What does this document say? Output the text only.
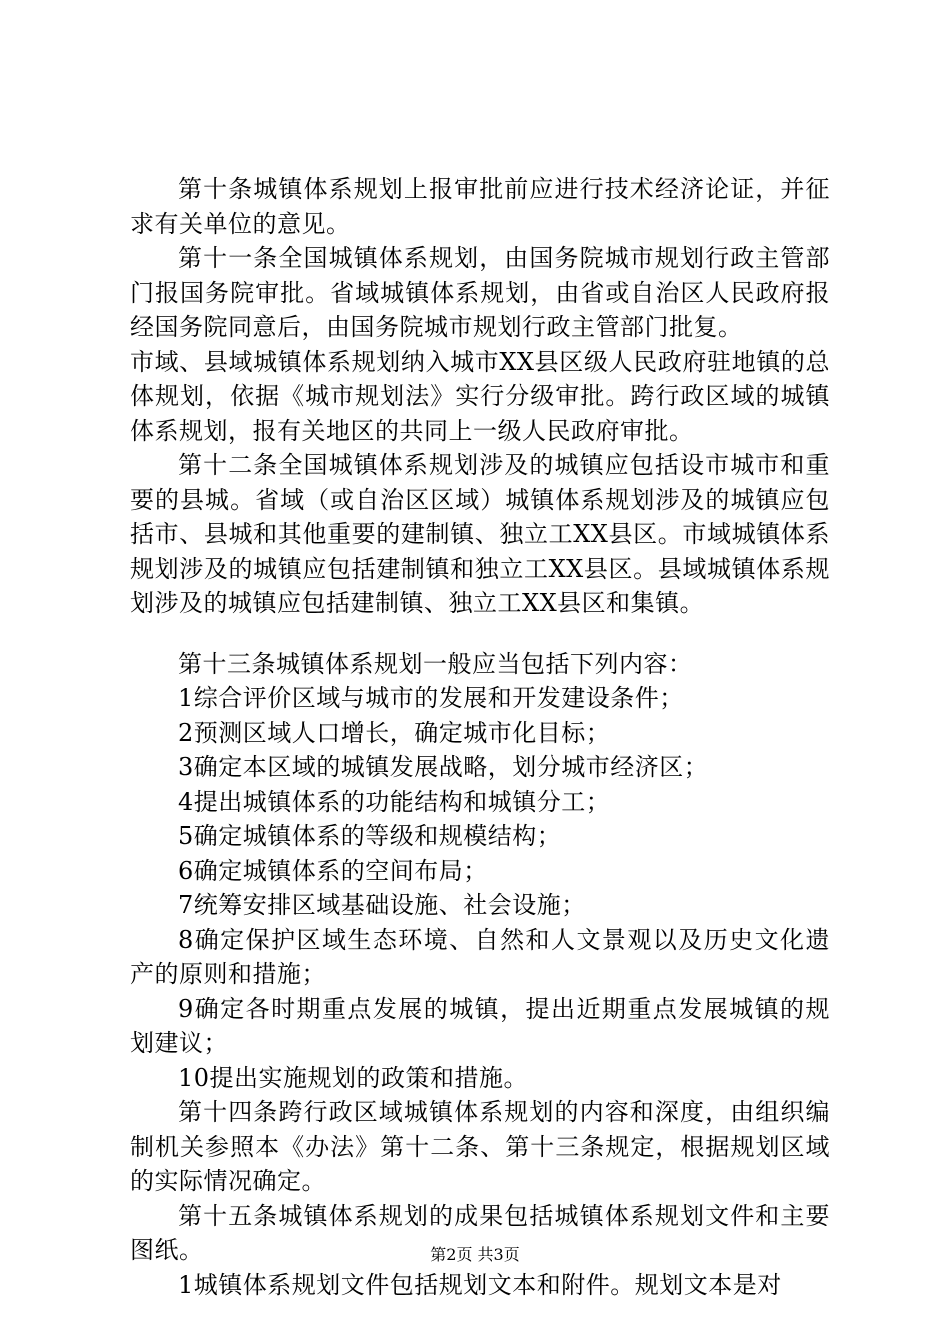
第十条城镇体系规划上报审批前应进行技术经济论证，并征求有关单位的意见。

第十一条全国城镇体系规划，由国务院城市规划行政主管部门报国务院审批。省域城镇体系规划，由省或自治区人民政府报经国务院同意后，由国务院城市规划行政主管部门批复。

市域、县域城镇体系规划纳入城市XX县区级人民政府驻地镇的总体规划，依据《城市规划法》实行分级审批。跨行政区域的城镇体系规划，报有关地区的共同上一级人民政府审批。

第十二条全国城镇体系规划涉及的城镇应包括设市城市和重要的县城。省域（或自治区区域）城镇体系规划涉及的城镇应包括市、县城和其他重要的建制镇、独立工XX县区。市域城镇体系规划涉及的城镇应包括建制镇和独立工XX县区。县域城镇体系规划涉及的城镇应包括建制镇、独立工XX县区和集镇。

第十三条城镇体系规划一般应当包括下列内容：

1综合评价区域与城市的发展和开发建设条件；

2预测区域人口增长，确定城市化目标；

3确定本区域的城镇发展战略，划分城市经济区；

4提出城镇体系的功能结构和城镇分工；

5确定城镇体系的等级和规模结构；

6确定城镇体系的空间布局；

7统筹安排区域基础设施、社会设施；

8确定保护区域生态环境、自然和人文景观以及历史文化遗产的原则和措施；

9确定各时期重点发展的城镇，提出近期重点发展城镇的规划建议；

10提出实施规划的政策和措施。

第十四条跨行政区域城镇体系规划的内容和深度，由组织编制机关参照本《办法》第十二条、第十三条规定，根据规划区域的实际情况确定。

第十五条城镇体系规划的成果包括城镇体系规划文件和主要图纸。

1城镇体系规划文件包括规划文本和附件。规划文本是对

第2页 共3页
